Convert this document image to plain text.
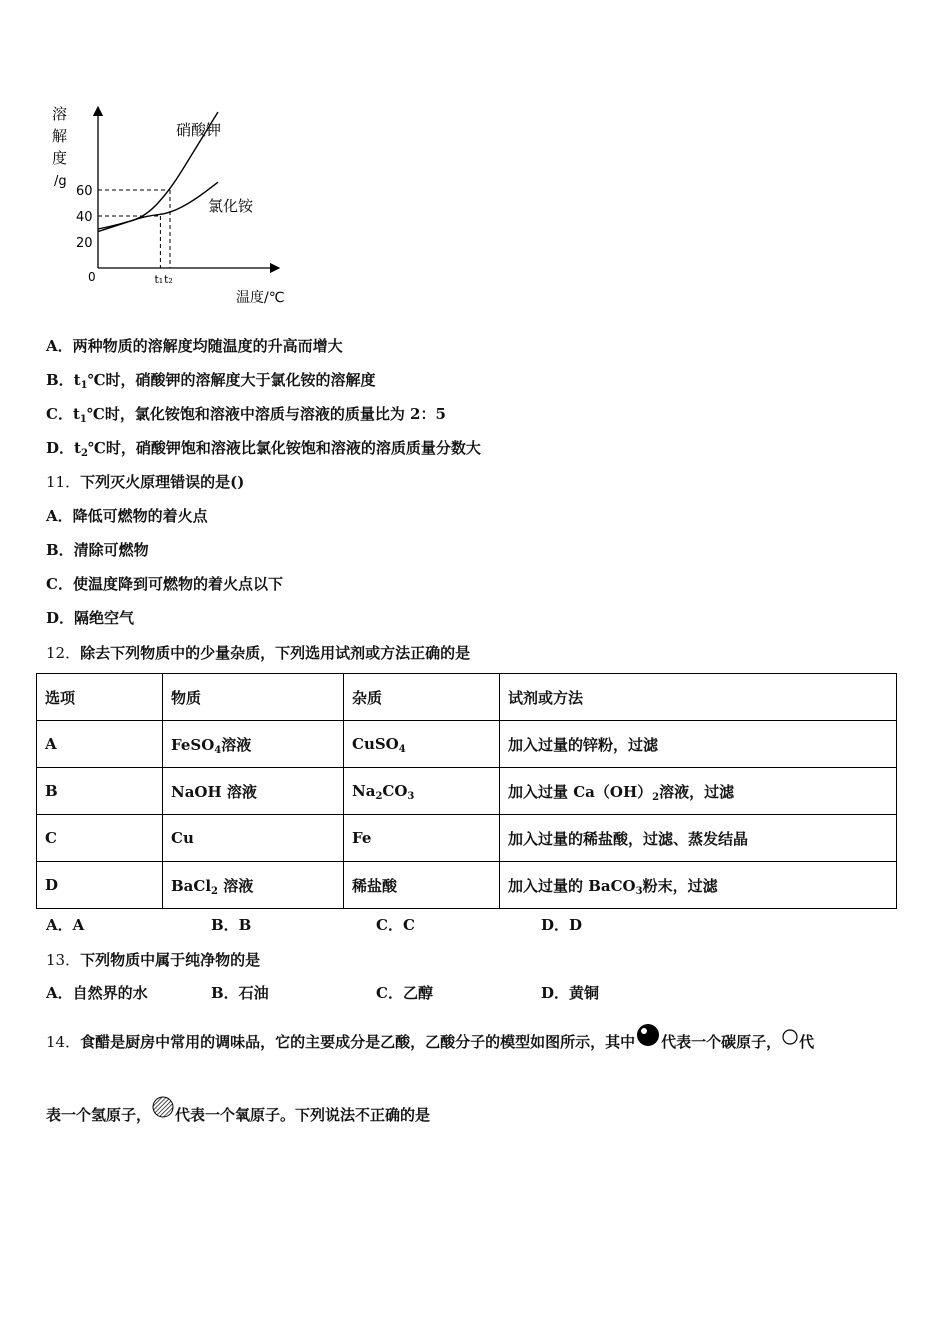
溶
解
度
/g
0
20
40
60
t₂
t₁
硝酸钾
氯化铵
温度/℃
A．两种物质的溶解度均随温度的升高而增大
B．$t_1℃$时，硝酸钾的溶解度大于氯化铵的溶解度
C．$t_1℃$时，氯化铵饱和溶液中溶质与溶液的质量比为 2：5
D．$t_2℃$时，硝酸钾饱和溶液比氯化铵饱和溶液的溶质质量分数大
11．下列灭火原理错误的是()
A．降低可燃物的着火点
B．清除可燃物
C．使温度降到可燃物的着火点以下
D．隔绝空气
12．除去下列物质中的少量杂质，下列选用试剂或方法正确的是
选项	物质	杂质	试剂或方法
A	FeSO$_4$溶液	CuSO$_4$	加入过量的锌粉，过滤
B	NaOH 溶液	$Na_2CO_3$	加入过量 $Ca(OH)_2$溶液，过滤
C	Cu	Fe	加入过量的稀盐酸，过滤、蒸发结晶
D	BaCl$_2$ 溶液	稀盐酸	加入过量的 BaCO$_3$粉末，过滤
A．A	B．B	C．C	D．D
13．下列物质中属于纯净物的是
A．自然界的水	B．石油	C．乙醇	D．黄铜
14．食醋是厨房中常用的调味品，它的主要成分是乙酸，乙酸分子的模型如图所示，其中 代表一个碳原子， 代
表一个氢原子， 代表一个氧原子。下列说法不正确的是
